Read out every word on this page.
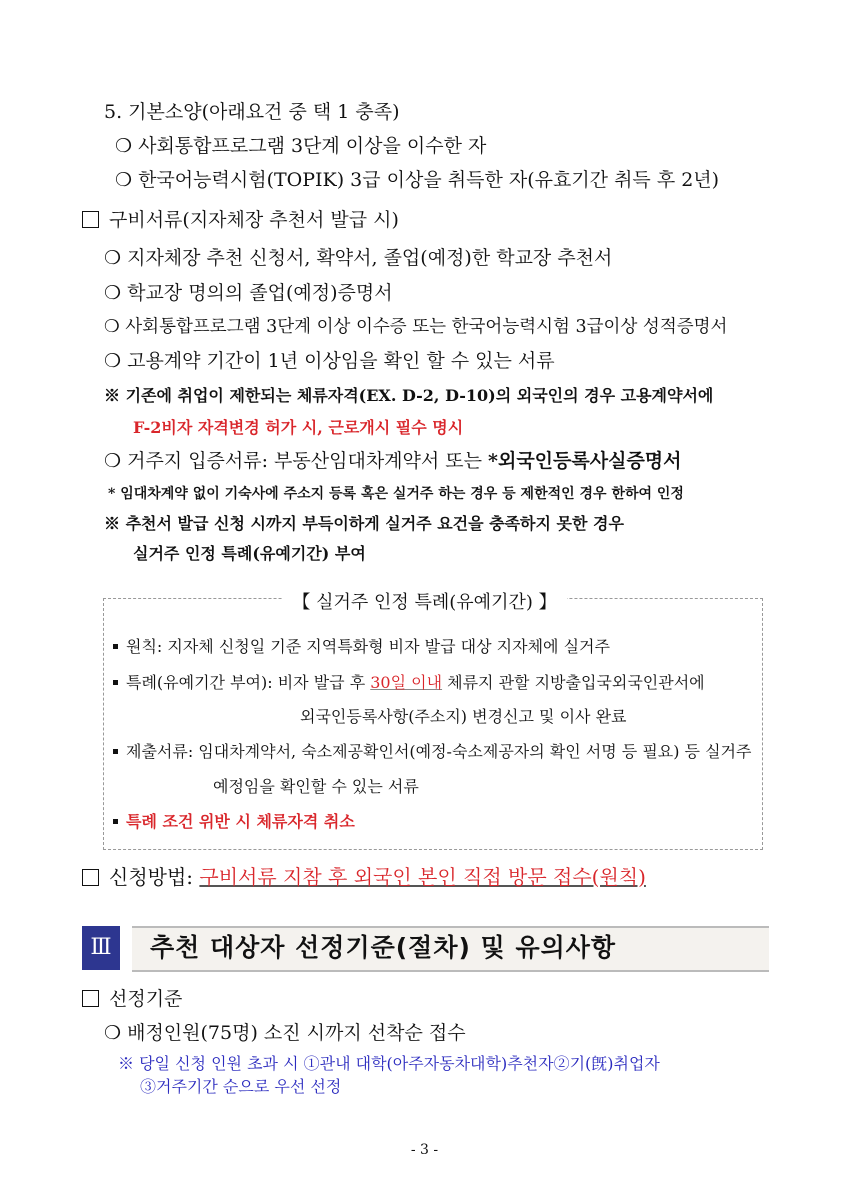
5. 기본소양(아래요건 중 택 1 충족)
❍ 사회통합프로그램 3단계 이상을 이수한 자
❍ 한국어능력시험(TOPIK) 3급 이상을 취득한 자(유효기간 취득 후 2년)
구비서류(지자체장 추천서 발급 시)
❍ 지자체장 추천 신청서, 확약서, 졸업(예정)한 학교장 추천서
❍ 학교장 명의의 졸업(예정)증명서
❍ 사회통합프로그램 3단계 이상 이수증 또는 한국어능력시험 3급이상 성적증명서
❍ 고용계약 기간이 1년 이상임을 확인 할 수 있는 서류
※ 기존에 취업이 제한되는 체류자격(EX. D-2, D-10)의 외국인의 경우 고용계약서에
F-2비자 자격변경 허가 시, 근로개시 필수 명시
❍ 거주지 입증서류: 부동산임대차계약서 또는 *외국인등록사실증명서
* 임대차계약 없이 기숙사에 주소지 등록 혹은 실거주 하는 경우 등 제한적인 경우 한하여 인정
※ 추천서 발급 신청 시까지 부득이하게 실거주 요건을 충족하지 못한 경우
실거주 인정 특례(유예기간) 부여
【 실거주 인정 특례(유예기간) 】
원칙: 지자체 신청일 기준 지역특화형 비자 발급 대상 지자체에 실거주
특례(유예기간 부여): 비자 발급 후 30일 이내 체류지 관할 지방출입국외국인관서에
외국인등록사항(주소지) 변경신고 및 이사 완료
제출서류: 임대차계약서, 숙소제공확인서(예정-숙소제공자의 확인 서명 등 필요) 등 실거주
예정임을 확인할 수 있는 서류
특례 조건 위반 시 체류자격 취소
신청방법: 구비서류 지참 후 외국인 본인 직접 방문 접수(원칙)
Ⅲ	추천 대상자 선정기준(절차) 및 유의사항
선정기준
❍ 배정인원(75명) 소진 시까지 선착순 접수
※ 당일 신청 인원 초과 시 ①관내 대학(아주자동차대학)추천자②기(旣)취업자
③거주기간 순으로 우선 선정
- 3 -
